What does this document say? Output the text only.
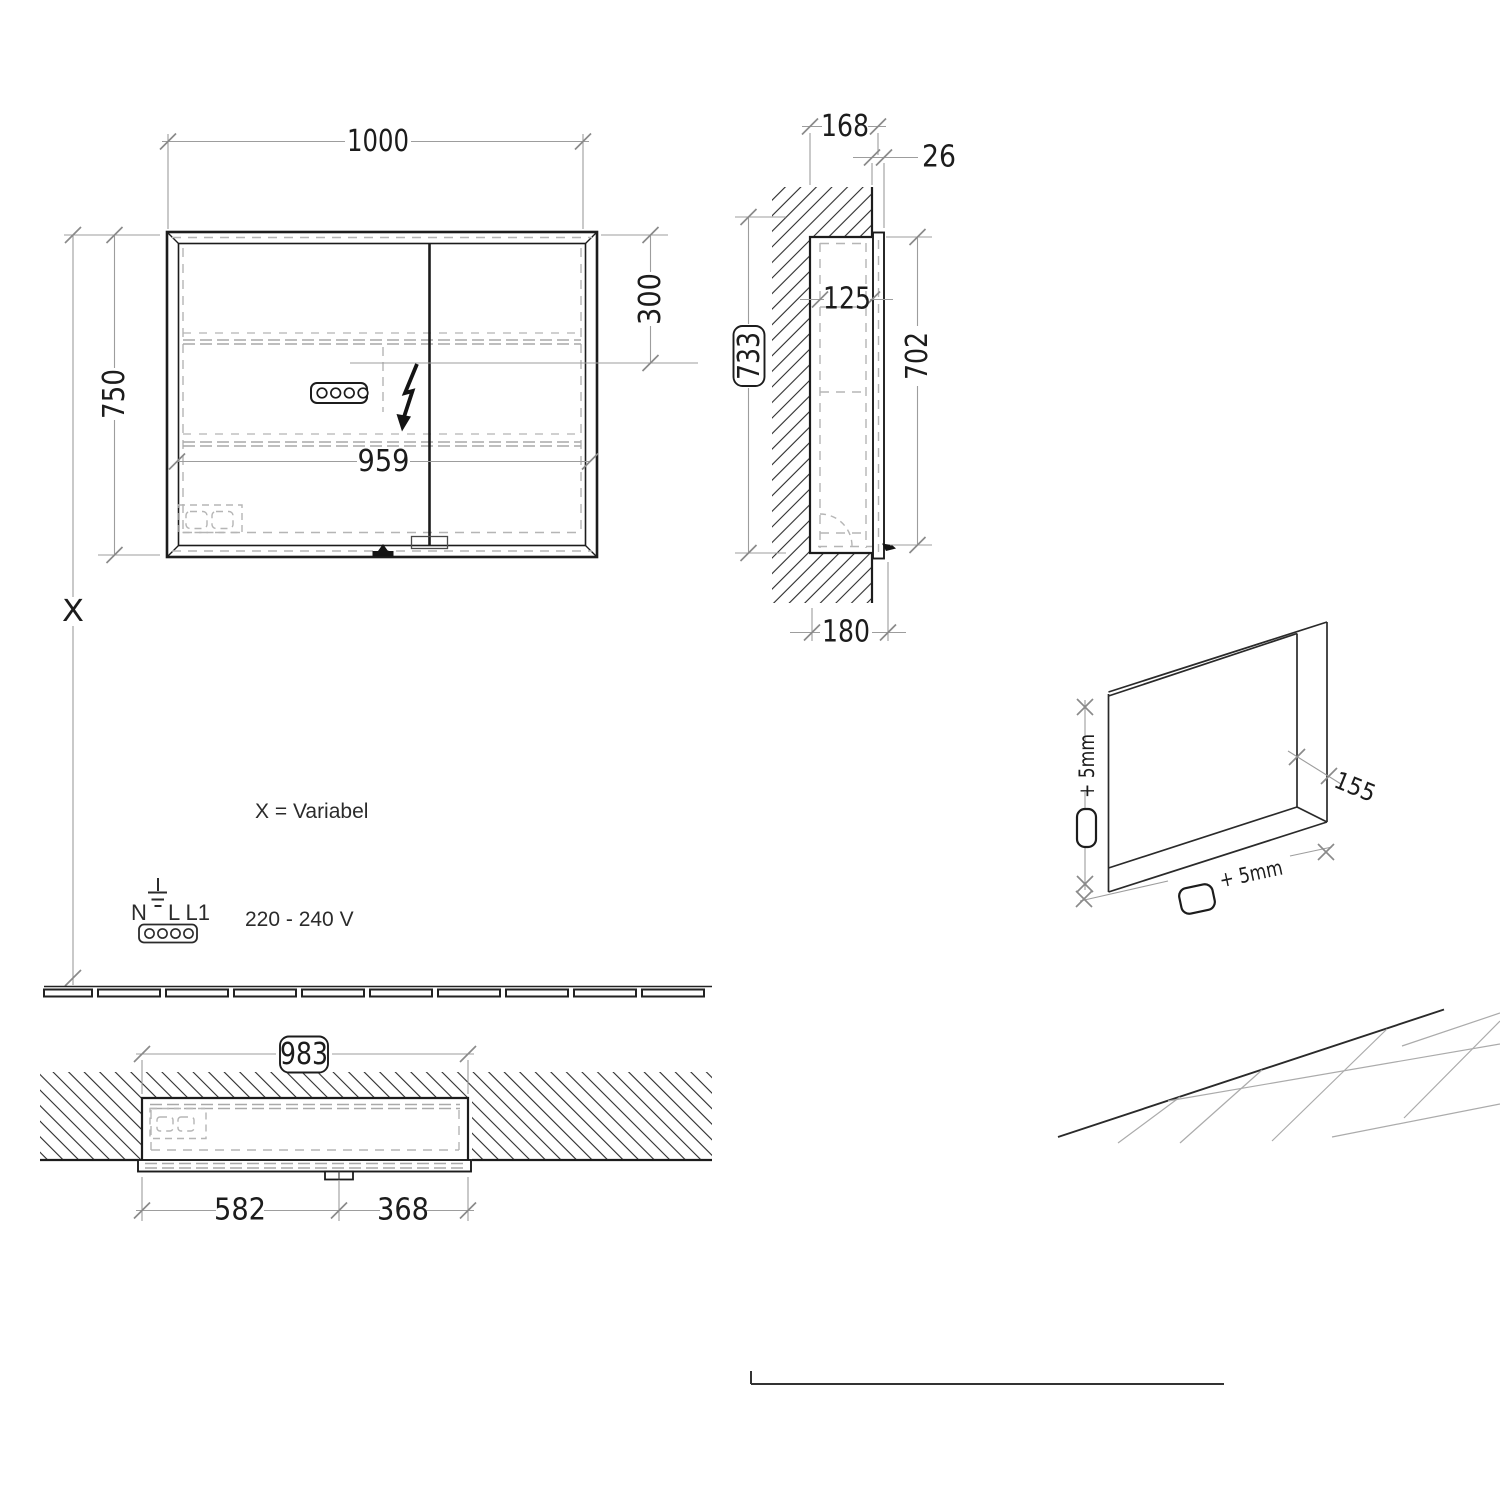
1000
750
X
300
959
168
26
125
733	702
180
+ 5mm
+ 5mm
155
983
582	368
X = Variabel
220 - 240 V
N L L1
